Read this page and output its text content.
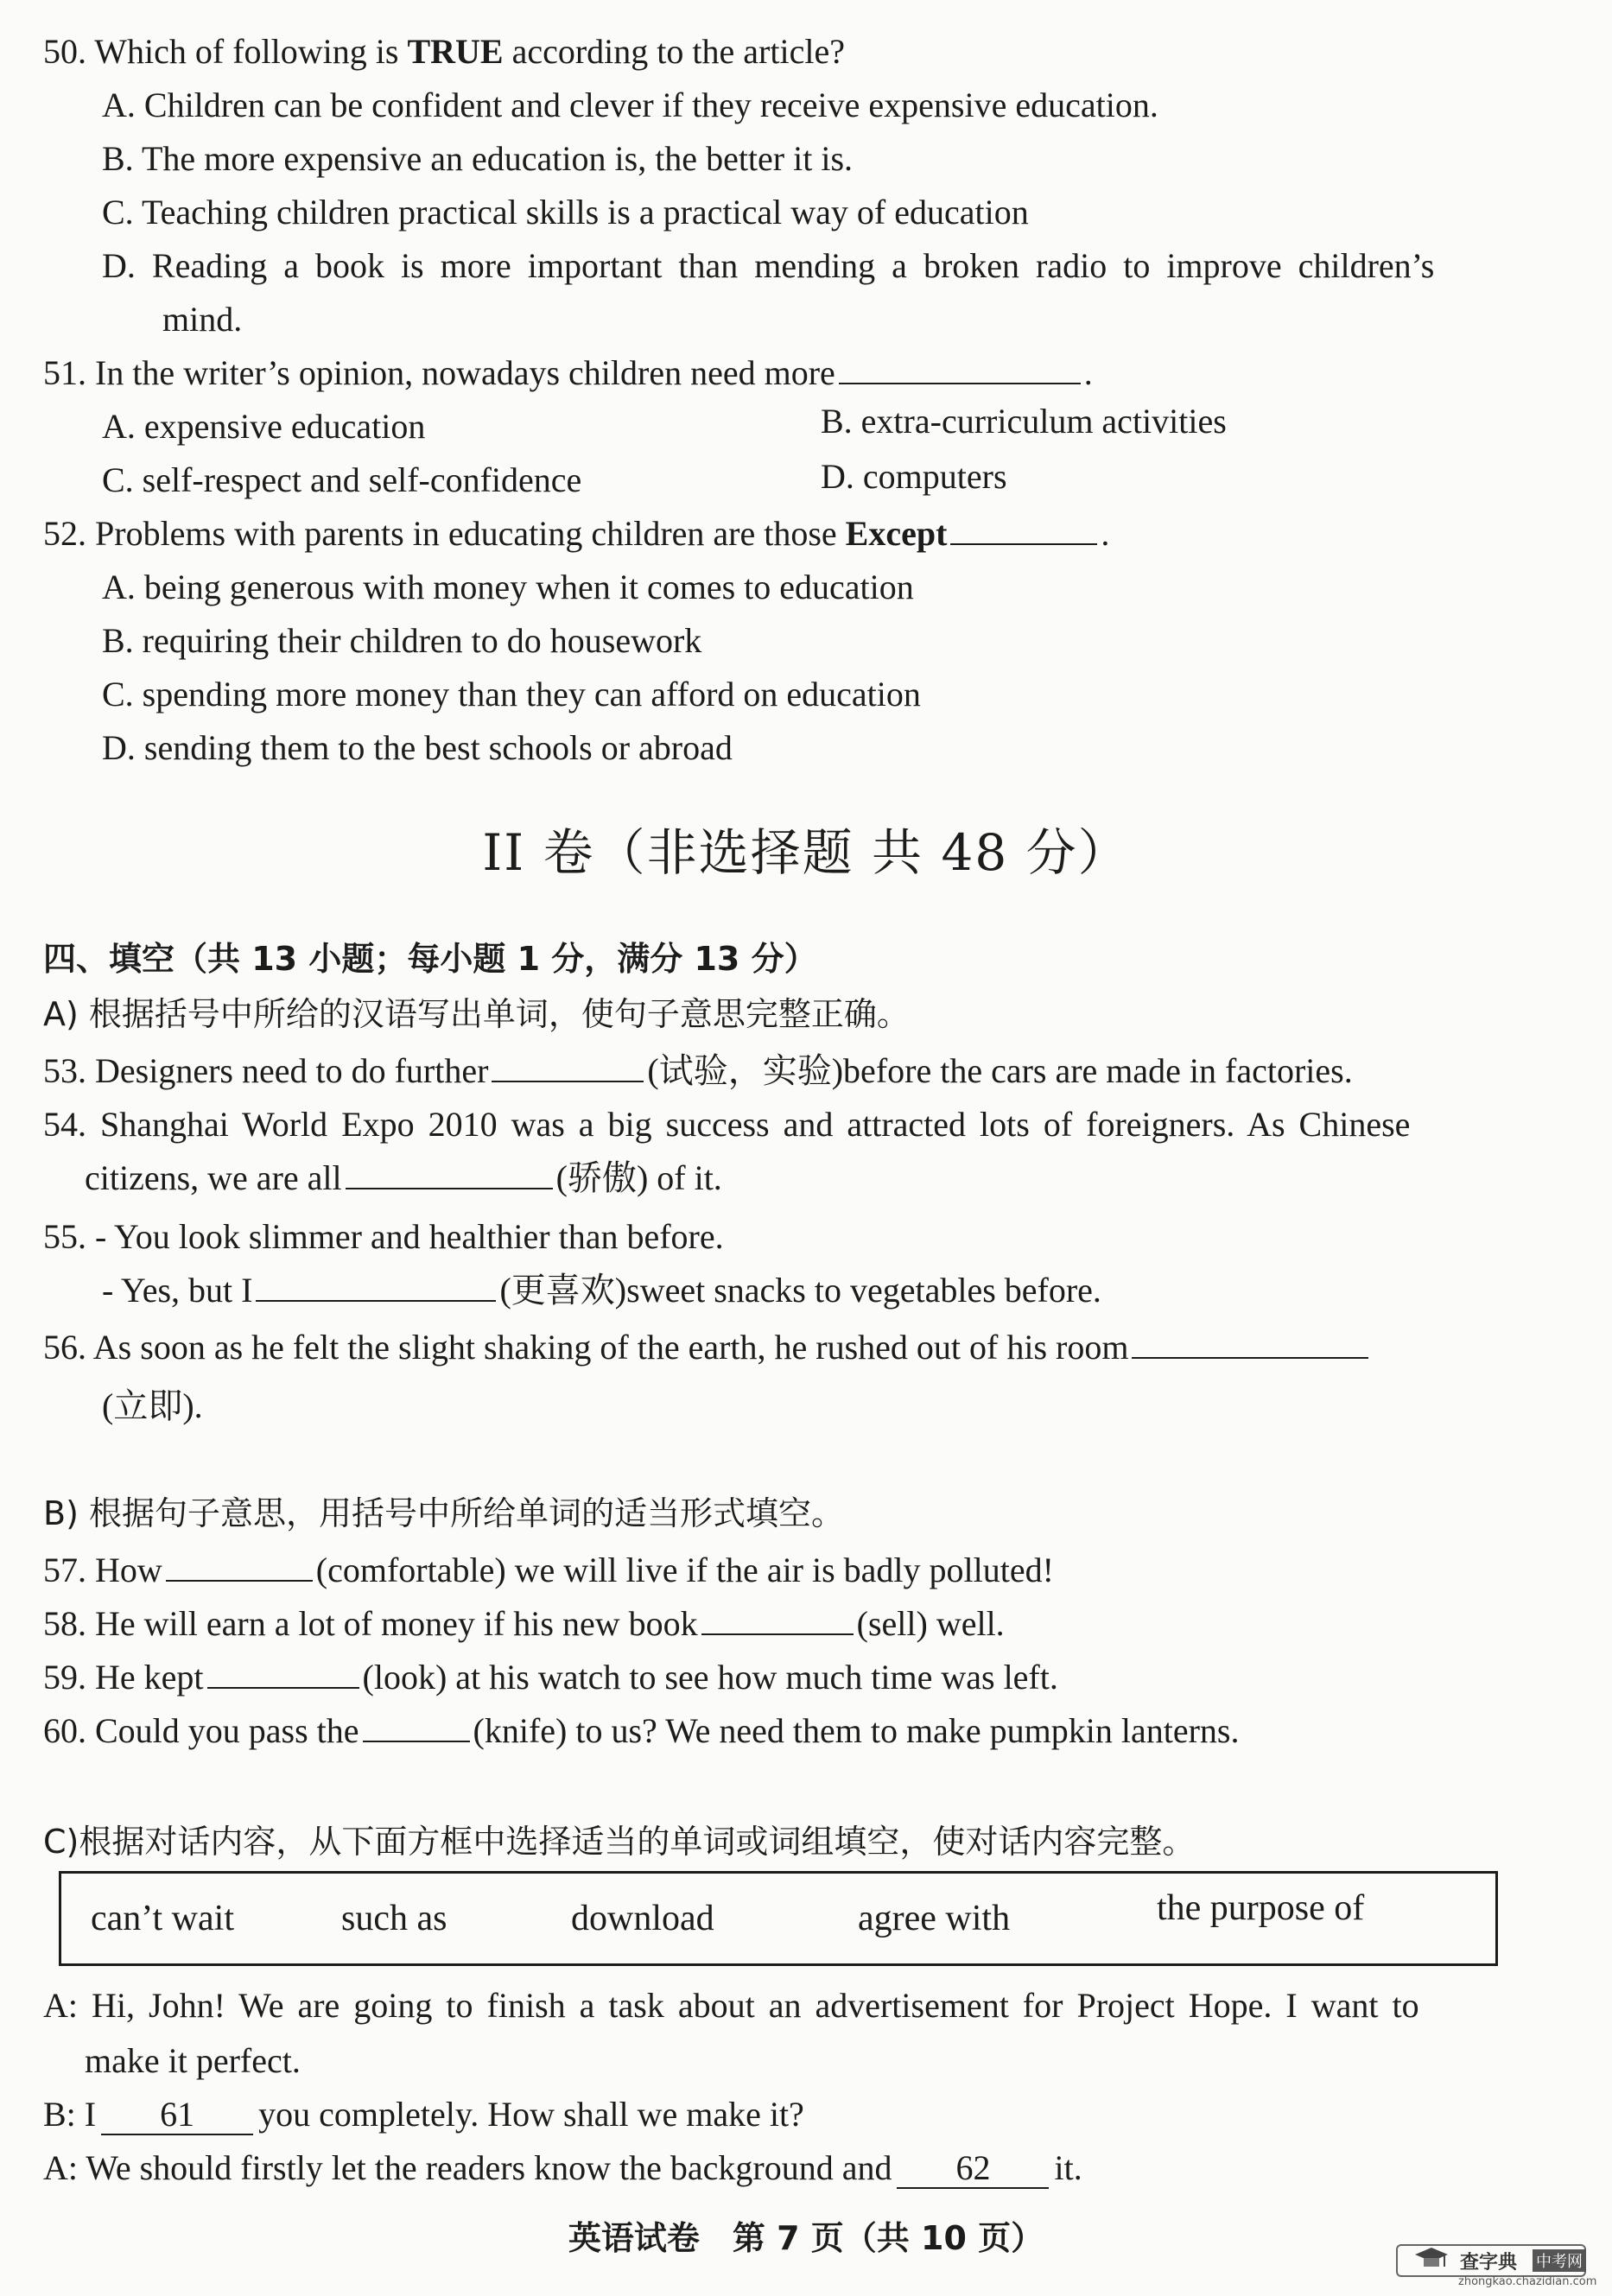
50. Which of following is TRUE according to the article?
A. Children can be confident and clever if they receive expensive education.
B. The more expensive an education is, the better it is.
C. Teaching children practical skills is a practical way of education
D. Reading a book is more important than mending a broken radio to improve children’s
mind.
51. In the writer’s opinion, nowadays children need more	.
A. expensive education	B. extra-curriculum activities
C. self-respect and self-confidence	D. computers
52. Problems with parents in educating children are those Except	.
A. being generous with money when it comes to education
B. requiring their children to do housework
C. spending more money than they can afford on education
D. sending them to the best schools or abroad
II 卷（非选择题 共 48 分）
四、填空（共 13 小题；每小题 1 分，满分 13 分）
A) 根据括号中所给的汉语写出单词，使句子意思完整正确。
53. Designers need to do further	(试验，实验)before the cars are made in factories.
54. Shanghai World Expo 2010 was a big success and attracted lots of foreigners. As Chinese
citizens, we are all	(骄傲) of it.
55. - You look slimmer and healthier than before.
- Yes, but I	(更喜欢)sweet snacks to vegetables before.
56. As soon as he felt the slight shaking of the earth, he rushed out of his room
(立即).
B) 根据句子意思，用括号中所给单词的适当形式填空。
57. How	(comfortable) we will live if the air is badly polluted!
58. He will earn a lot of money if his new book	(sell) well.
59. He kept	(look) at his watch to see how much time was left.
60. Could you pass the	(knife) to us? We need them to make pumpkin lanterns.
C)根据对话内容，从下面方框中选择适当的单词或词组填空，使对话内容完整。
can’t wait	such as	download	agree with	the purpose of
A: Hi, John! We are going to finish a task about an advertisement for Project Hope. I want to
make it perfect.
B: I 61 you completely. How shall we make it?
A: We should firstly let the readers know the background and 62 it.
英语试卷　第 7 页（共 10 页）
查字典 中考网
zhongkao.chazidian.com
